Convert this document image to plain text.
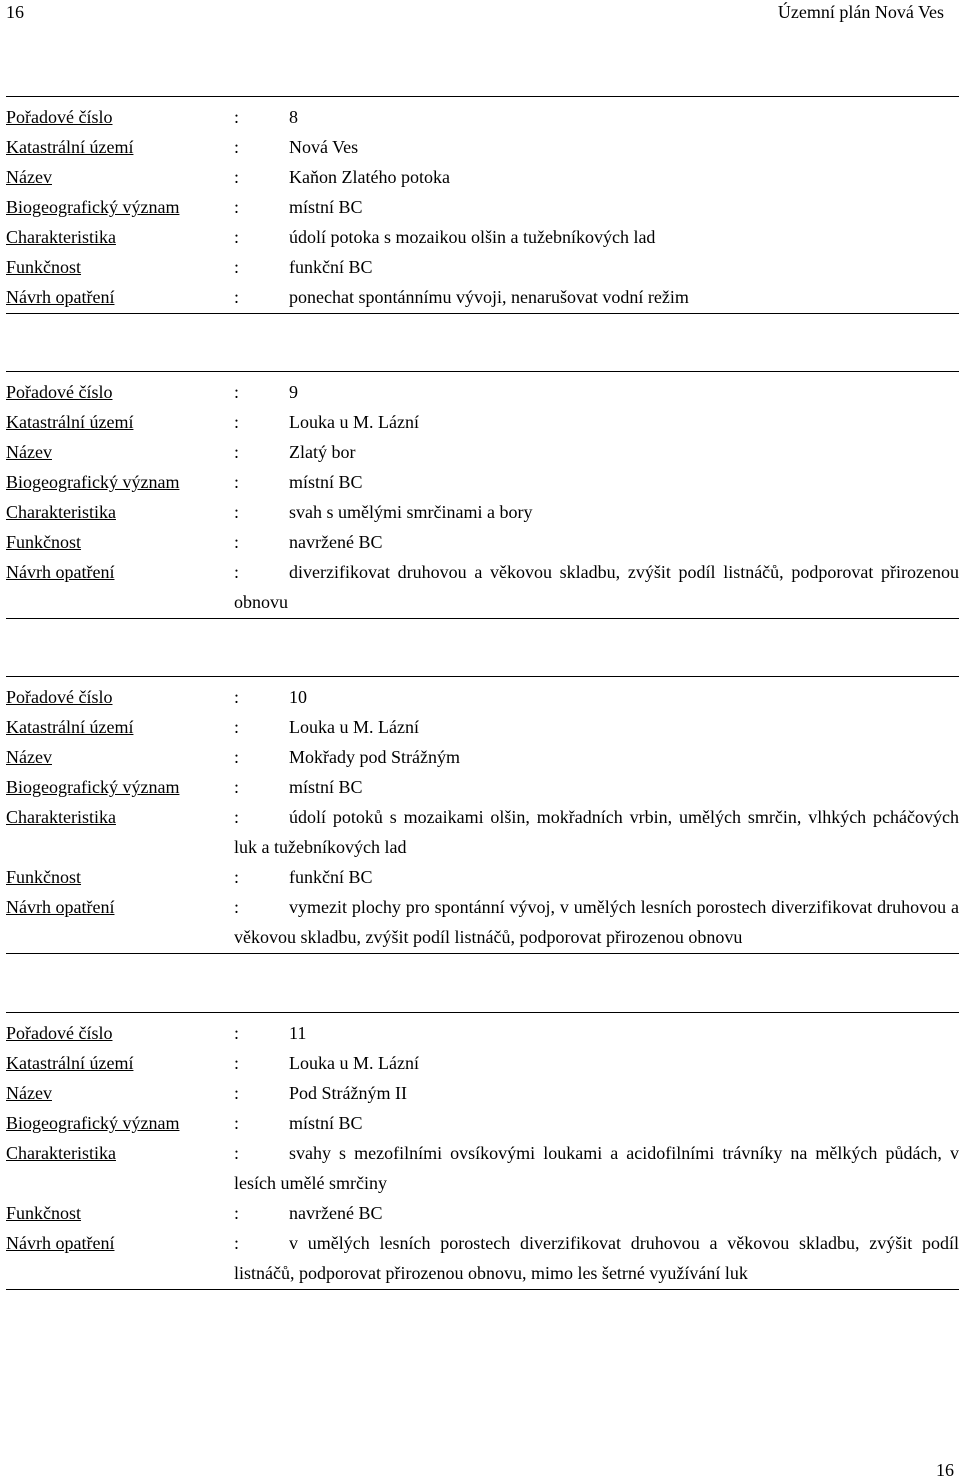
16	Územní plán Nová Ves
Pořadové číslo	:	8
Katastrální území	:	Nová Ves
Název	:	Kaňon Zlatého potoka
Biogeografický význam	:	místní BC
Charakteristika	:	údolí potoka s mozaikou olšin a tužebníkových lad
Funkčnost	:	funkční BC
Návrh opatření	:	ponechat spontánnímu vývoji, nenarušovat vodní režim
Pořadové číslo	:	9
Katastrální území	:	Louka u M. Lázní
Název	:	Zlatý bor
Biogeografický význam	:	místní BC
Charakteristika	:	svah s umělými smrčinami a bory
Funkčnost	:	navržené BC
Návrh opatření	:	diverzifikovat druhovou a věkovou skladbu, zvýšit podíl listnáčů, podporovat přirozenou obnovu
Pořadové číslo	:	10
Katastrální území	:	Louka u M. Lázní
Název	:	Mokřady pod Strážným
Biogeografický význam	:	místní BC
Charakteristika	:	údolí potoků s mozaikami olšin, mokřadních vrbin, umělých smrčin, vlhkých pcháčových luk a tužebníkových lad
Funkčnost	:	funkční BC
Návrh opatření	:	vymezit plochy pro spontánní vývoj, v umělých lesních porostech diverzifikovat druhovou a věkovou skladbu, zvýšit podíl listnáčů, podporovat přirozenou obnovu
Pořadové číslo	:	11
Katastrální území	:	Louka u M. Lázní
Název	:	Pod Strážným II
Biogeografický význam	:	místní BC
Charakteristika	:	svahy s mezofilními ovsíkovými loukami a acidofilními trávníky na mělkých půdách, v lesích umělé smrčiny
Funkčnost	:	navržené BC
Návrh opatření	:	v umělých lesních porostech diverzifikovat druhovou a věkovou skladbu, zvýšit podíl listnáčů, podporovat přirozenou obnovu, mimo les šetrné využívání luk
16
